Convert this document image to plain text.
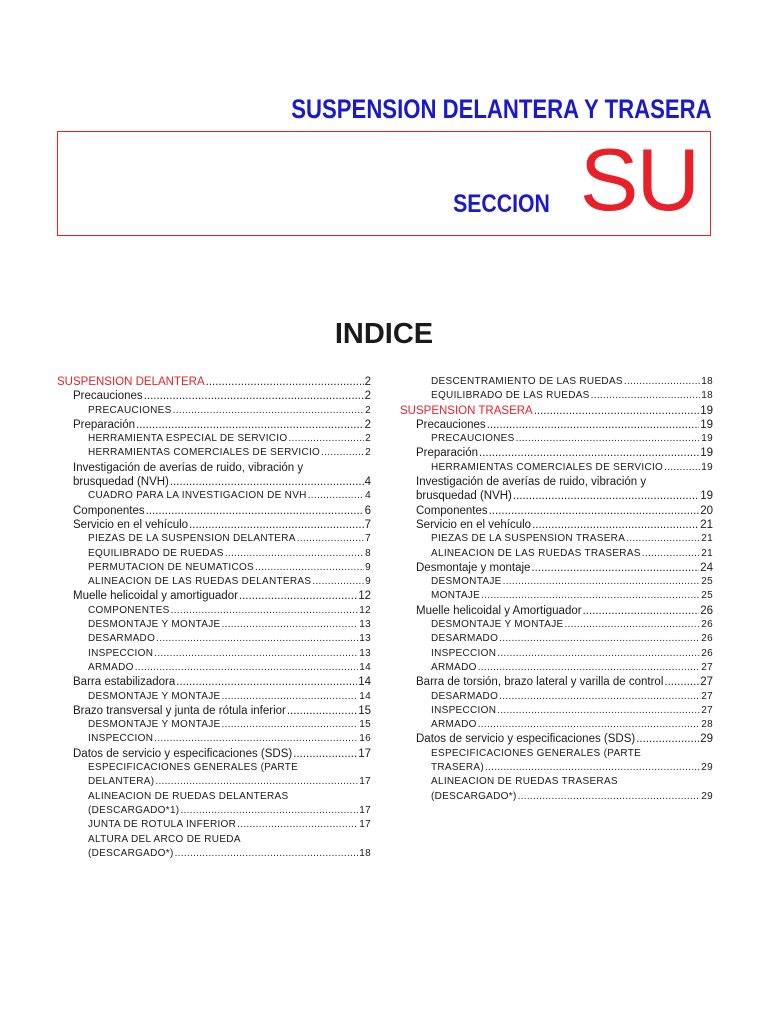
SUSPENSION DELANTERA Y TRASERA
SECCION SU
INDICE
SUSPENSION DELANTERA .....	2
Precauciones .....	2
PRECAUCIONES .....	2
Preparación .....	2
HERRAMIENTA ESPECIAL DE SERVICIO .....	2
HERRAMIENTAS COMERCIALES DE SERVICIO .....	2
Investigación de averías de ruido, vibración y
brusquedad (NVH) .....	4
CUADRO PARA LA INVESTIGACION DE NVH .....	4
Componentes .....	6
Servicio en el vehículo .....	7
PIEZAS DE LA SUSPENSION DELANTERA .....	7
EQUILIBRADO DE RUEDAS .....	8
PERMUTACION DE NEUMATICOS .....	9
ALINEACION DE LAS RUEDAS DELANTERAS .....	9
Muelle helicoidal y amortiguador .....	12
COMPONENTES .....	12
DESMONTAJE Y MONTAJE .....	13
DESARMADO .....	13
INSPECCION .....	13
ARMADO .....	14
Barra estabilizadora .....	14
DESMONTAJE Y MONTAJE .....	14
Brazo transversal y junta de rótula inferior .....	15
DESMONTAJE Y MONTAJE .....	15
INSPECCION .....	16
Datos de servicio y especificaciones (SDS) .....	17
ESPECIFICACIONES GENERALES (PARTE
DELANTERA) .....	17
ALINEACION DE RUEDAS DELANTERAS
(DESCARGADO*1) .....	17
JUNTA DE ROTULA INFERIOR .....	17
ALTURA DEL ARCO DE RUEDA
(DESCARGADO*) .....	18
DESCENTRAMIENTO DE LAS RUEDAS .....	18
EQUILIBRADO DE LAS RUEDAS .....	18
SUSPENSION TRASERA .....	19
Precauciones .....	19
PRECAUCIONES .....	19
Preparación .....	19
HERRAMIENTAS COMERCIALES DE SERVICIO .....	19
Investigación de averías de ruido, vibración y
brusquedad (NVH) .....	19
Componentes .....	20
Servicio en el vehículo .....	21
PIEZAS DE LA SUSPENSION TRASERA .....	21
ALINEACION DE LAS RUEDAS TRASERAS .....	21
Desmontaje y montaje .....	24
DESMONTAJE .....	25
MONTAJE .....	25
Muelle helicoidal y Amortiguador .....	26
DESMONTAJE Y MONTAJE .....	26
DESARMADO .....	26
INSPECCION .....	26
ARMADO .....	27
Barra de torsión, brazo lateral y varilla de control .....	27
DESARMADO .....	27
INSPECCION .....	27
ARMADO .....	28
Datos de servicio y especificaciones (SDS) .....	29
ESPECIFICACIONES GENERALES (PARTE
TRASERA) .....	29
ALINEACION DE RUEDAS TRASERAS
(DESCARGADO*) .....	29
